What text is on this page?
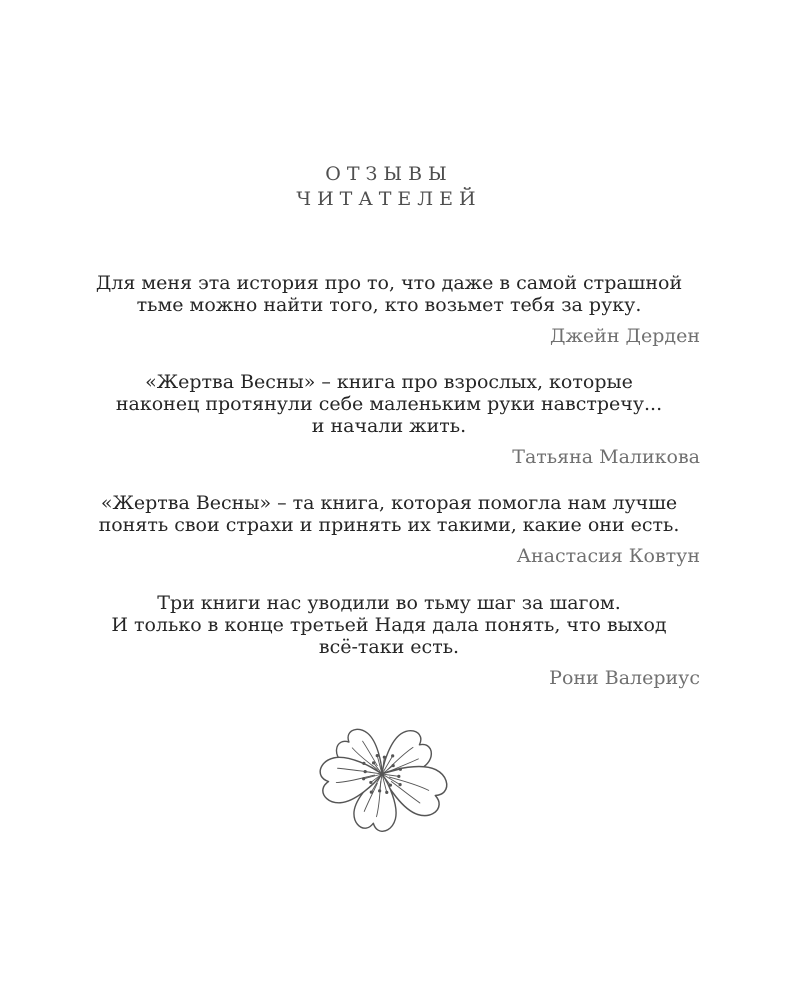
ОТЗЫВЫ
ЧИТАТЕЛЕЙ
Для меня эта история про то, что даже в самой страшной
тьме можно найти того, кто возьмет тебя за руку.
Джейн Дерден
«Жертва Весны» – книга про взрослых, которые
наконец протянули себе маленьким руки навстречу...
и начали жить.
Татьяна Маликова
«Жертва Весны» – та книга, которая помогла нам лучше
понять свои страхи и принять их такими, какие они есть.
Анастасия Ковтун
Три книги нас уводили во тьму шаг за шагом.
И только в конце третьей Надя дала понять, что выход
всё-таки есть.
Рони Валериус
